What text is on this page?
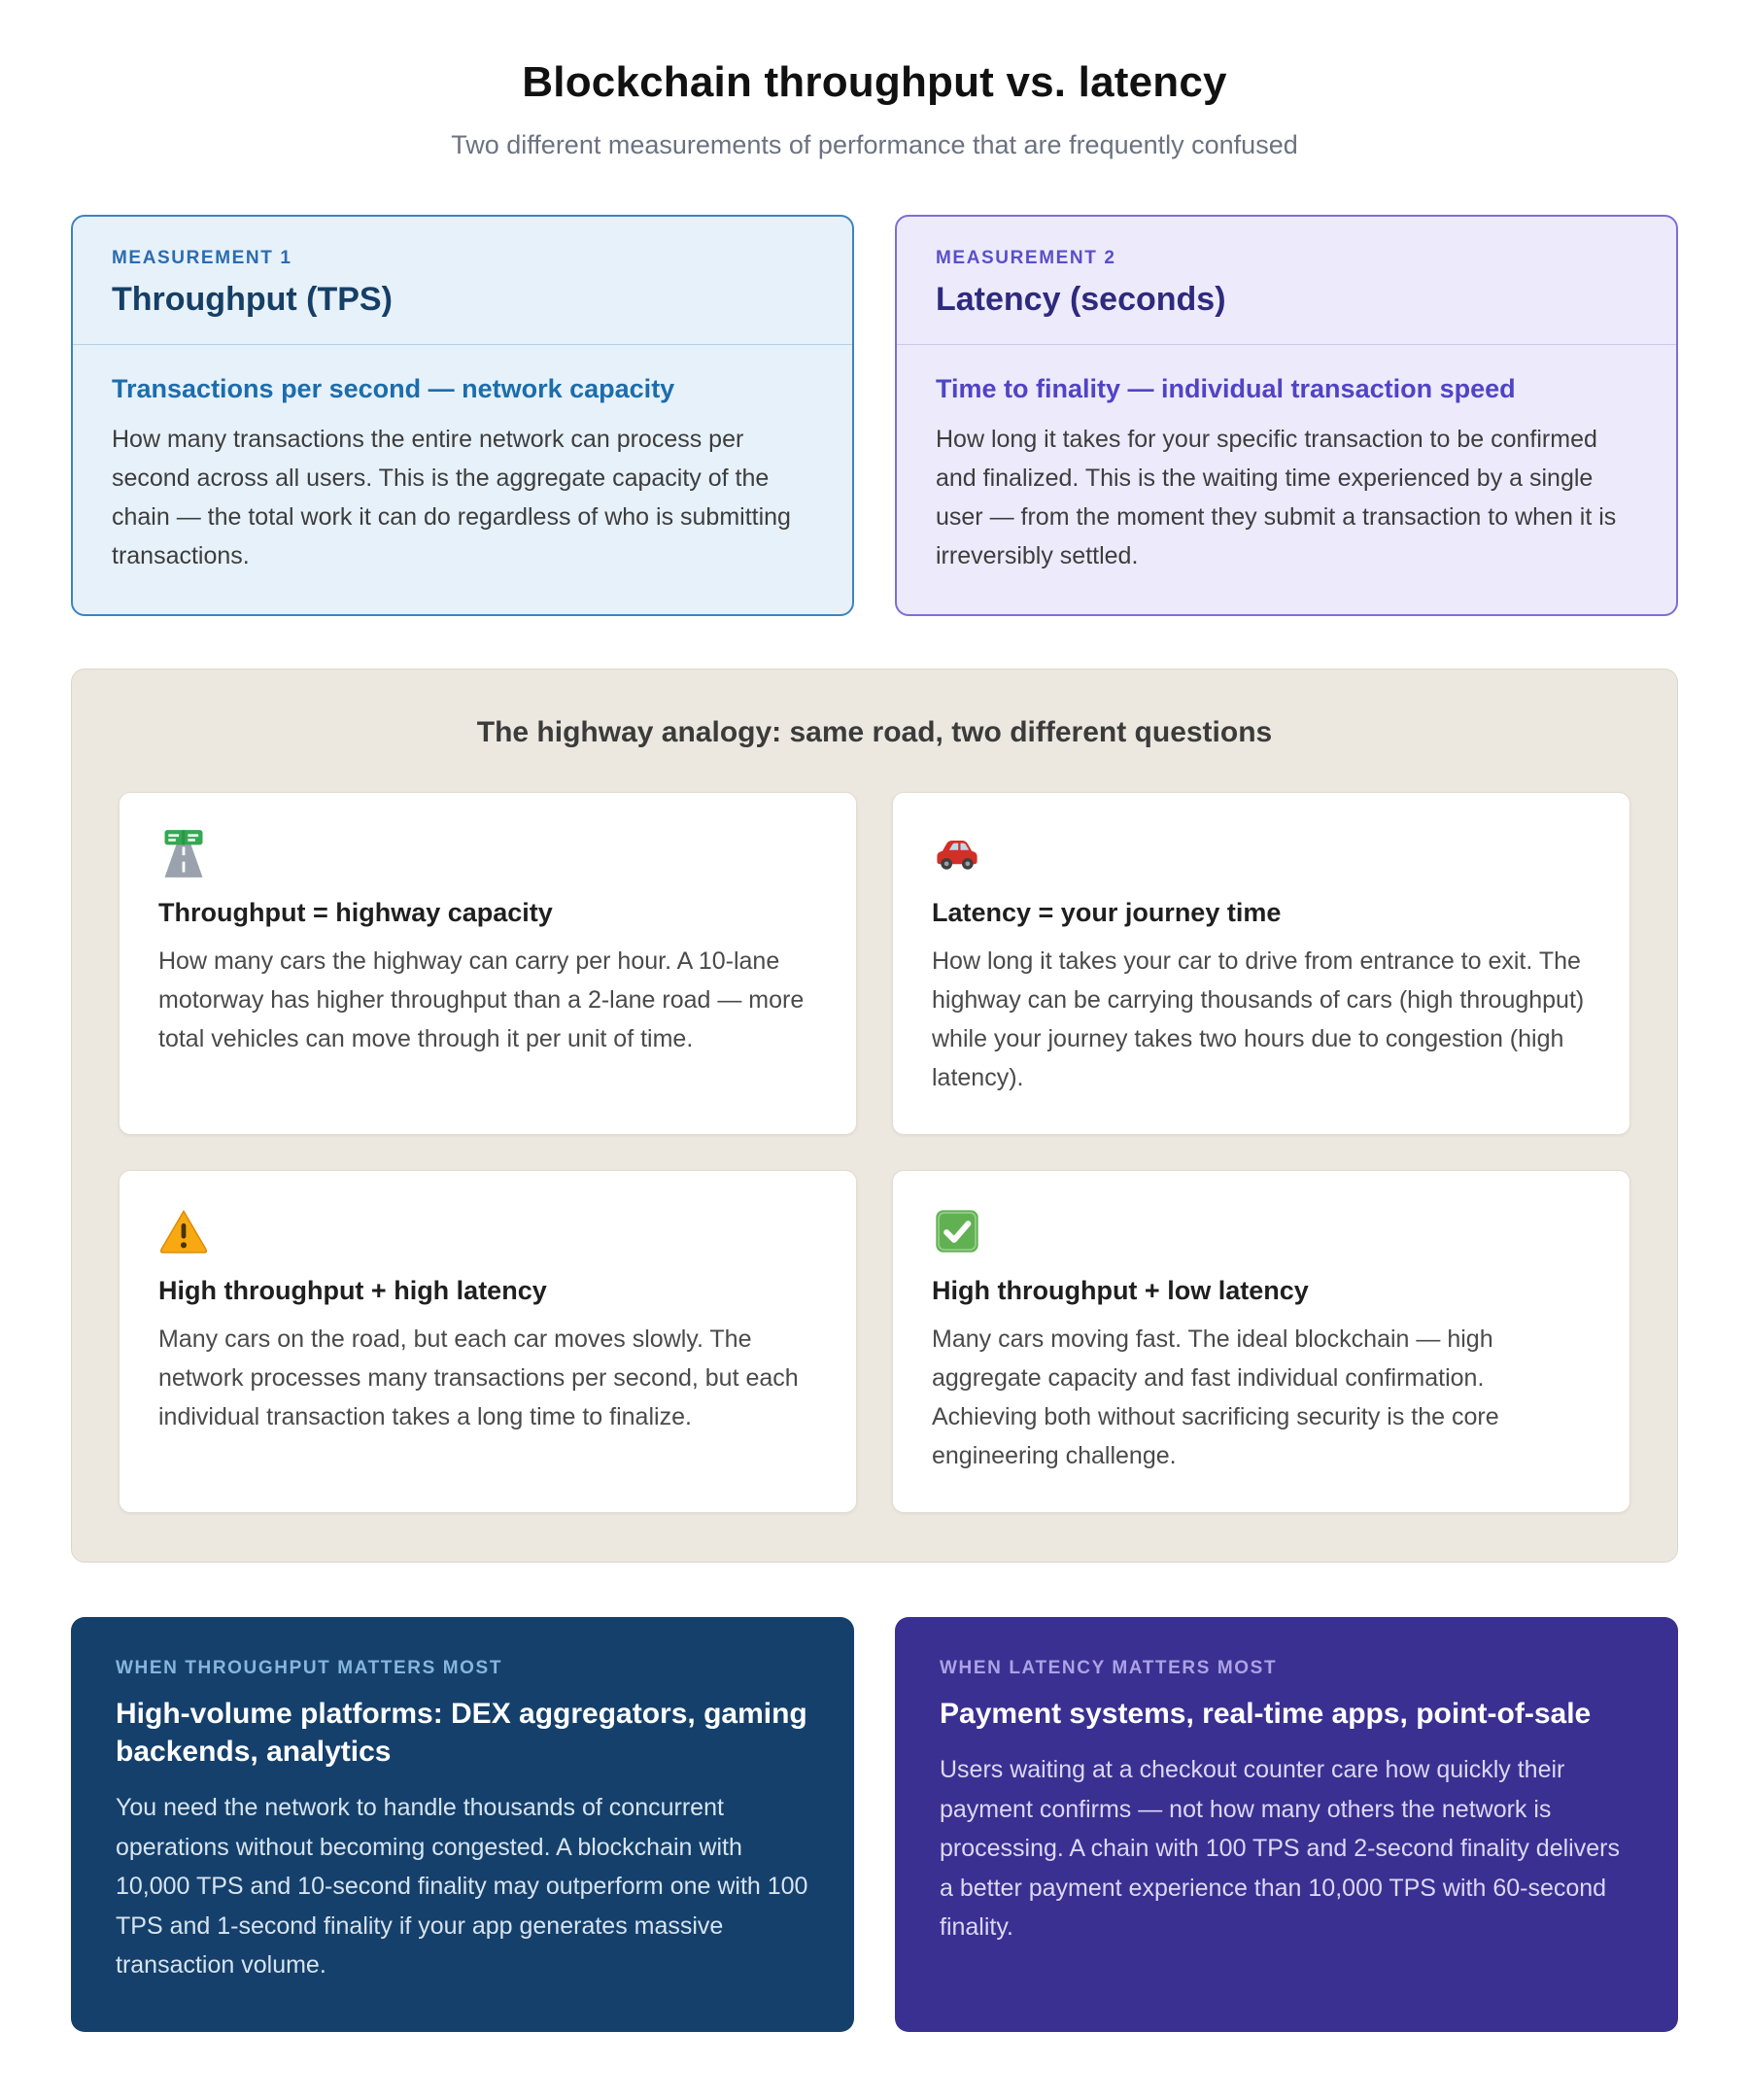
Blockchain throughput vs. latency

Two different measurements of performance that are frequently confused

MEASUREMENT 1
Throughput (TPS)
Transactions per second — network capacity

How many transactions the entire network can process per second across all users. This is the aggregate capacity of the chain — the total work it can do regardless of who is submitting transactions.

MEASUREMENT 2
Latency (seconds)
Time to finality — individual transaction speed

How long it takes for your specific transaction to be confirmed and finalized. This is the waiting time experienced by a single user — from the moment they submit a transaction to when it is irreversibly settled.

The highway analogy: same road, two different questions
Throughput = highway capacity

How many cars the highway can carry per hour. A 10-lane motorway has higher throughput than a 2-lane road — more total vehicles can move through it per unit of time.

Latency = your journey time

How long it takes your car to drive from entrance to exit. The highway can be carrying thousands of cars (high throughput) while your journey takes two hours due to congestion (high latency).

High throughput + high latency

Many cars on the road, but each car moves slowly. The network processes many transactions per second, but each individual transaction takes a long time to finalize.

High throughput + low latency

Many cars moving fast. The ideal blockchain — high aggregate capacity and fast individual confirmation. Achieving both without sacrificing security is the core engineering challenge.

WHEN THROUGHPUT MATTERS MOST
High-volume platforms: DEX aggregators, gaming backends, analytics

You need the network to handle thousands of concurrent operations without becoming congested. A blockchain with 10,000 TPS and 10-second finality may outperform one with 100 TPS and 1-second finality if your app generates massive transaction volume.

WHEN LATENCY MATTERS MOST
Payment systems, real-time apps, point-of-sale

Users waiting at a checkout counter care how quickly their payment confirms — not how many others the network is processing. A chain with 100 TPS and 2-second finality delivers a better payment experience than 10,000 TPS with 60-second finality.
